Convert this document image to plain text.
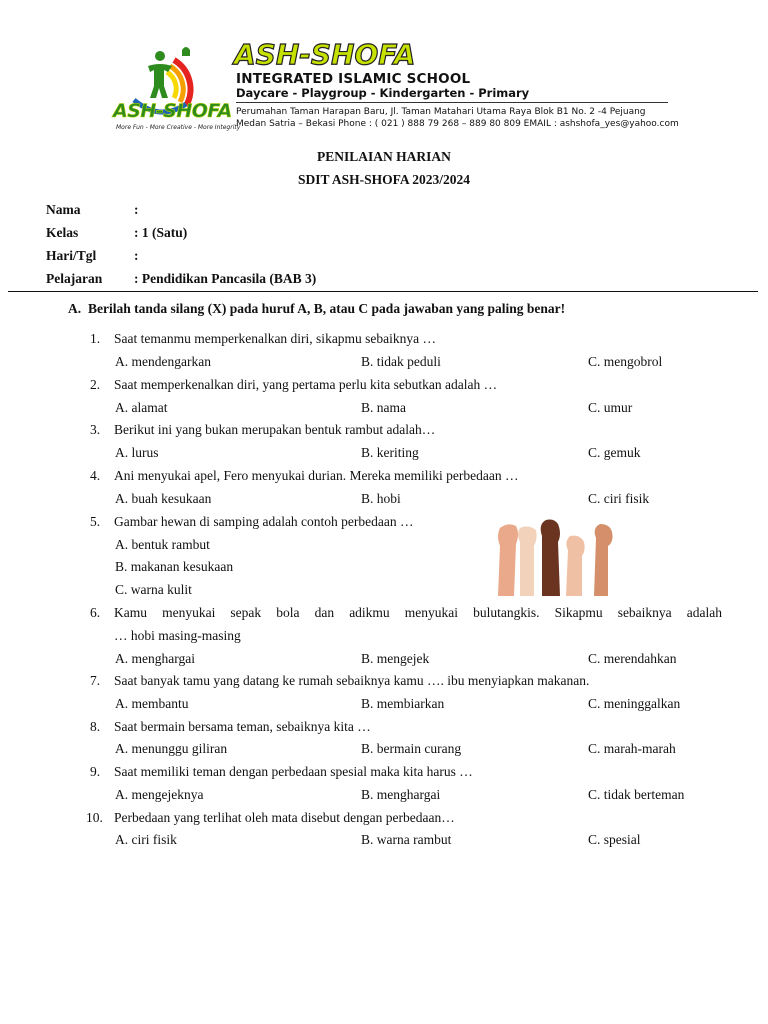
ASH-SHOFA
More Fun - More Creative - More Integrity
ASH-SHOFA
INTEGRATED ISLAMIC SCHOOL
Daycare - Playgroup - Kindergarten - Primary
Perumahan Taman Harapan Baru, Jl. Taman Matahari Utama Raya Blok B1 No. 2 -4 Pejuang
Medan Satria – Bekasi Phone : ( 021 ) 888 79 268 – 889 80 809 EMAIL : ashshofa_yes@yahoo.com
PENILAIAN HARIAN
SDIT ASH-SHOFA 2023/2024
Nama	:
Kelas	: 1 (Satu)
Hari/Tgl	:
Pelajaran : Pendidikan Pancasila (BAB 3)
A. Berilah tanda silang (X) pada huruf A, B, atau C pada jawaban yang paling benar!
1. Saat temanmu memperkenalkan diri, sikapmu sebaiknya …
A. mendengarkan	B. tidak peduli	C. mengobrol
2. Saat memperkenalkan diri, yang pertama perlu kita sebutkan adalah …
A. alamat	B. nama	C. umur
3. Berikut ini yang bukan merupakan bentuk rambut adalah…
A. lurus	B. keriting	C. gemuk
4. Ani menyukai apel, Fero menyukai durian. Mereka memiliki perbedaan …
A. buah kesukaan	B. hobi	C. ciri fisik
5. Gambar hewan di samping adalah contoh perbedaan …
A. bentuk rambut
B. makanan kesukaan
C. warna kulit
6. Kamu menyukai sepak bola dan adikmu menyukai bulutangkis. Sikapmu sebaiknya adalah
… hobi masing-masing
A. menghargai	B. mengejek	C. merendahkan
7. Saat banyak tamu yang datang ke rumah sebaiknya kamu …. ibu menyiapkan makanan.
A. membantu	B. membiarkan	C. meninggalkan
8. Saat bermain bersama teman, sebaiknya kita …
A. menunggu giliran	B. bermain curang	C. marah-marah
9. Saat memiliki teman dengan perbedaan spesial maka kita harus …
A. mengejeknya	B. menghargai	C. tidak berteman
10. Perbedaan yang terlihat oleh mata disebut dengan perbedaan…
A. ciri fisik	B. warna rambut	C. spesial
